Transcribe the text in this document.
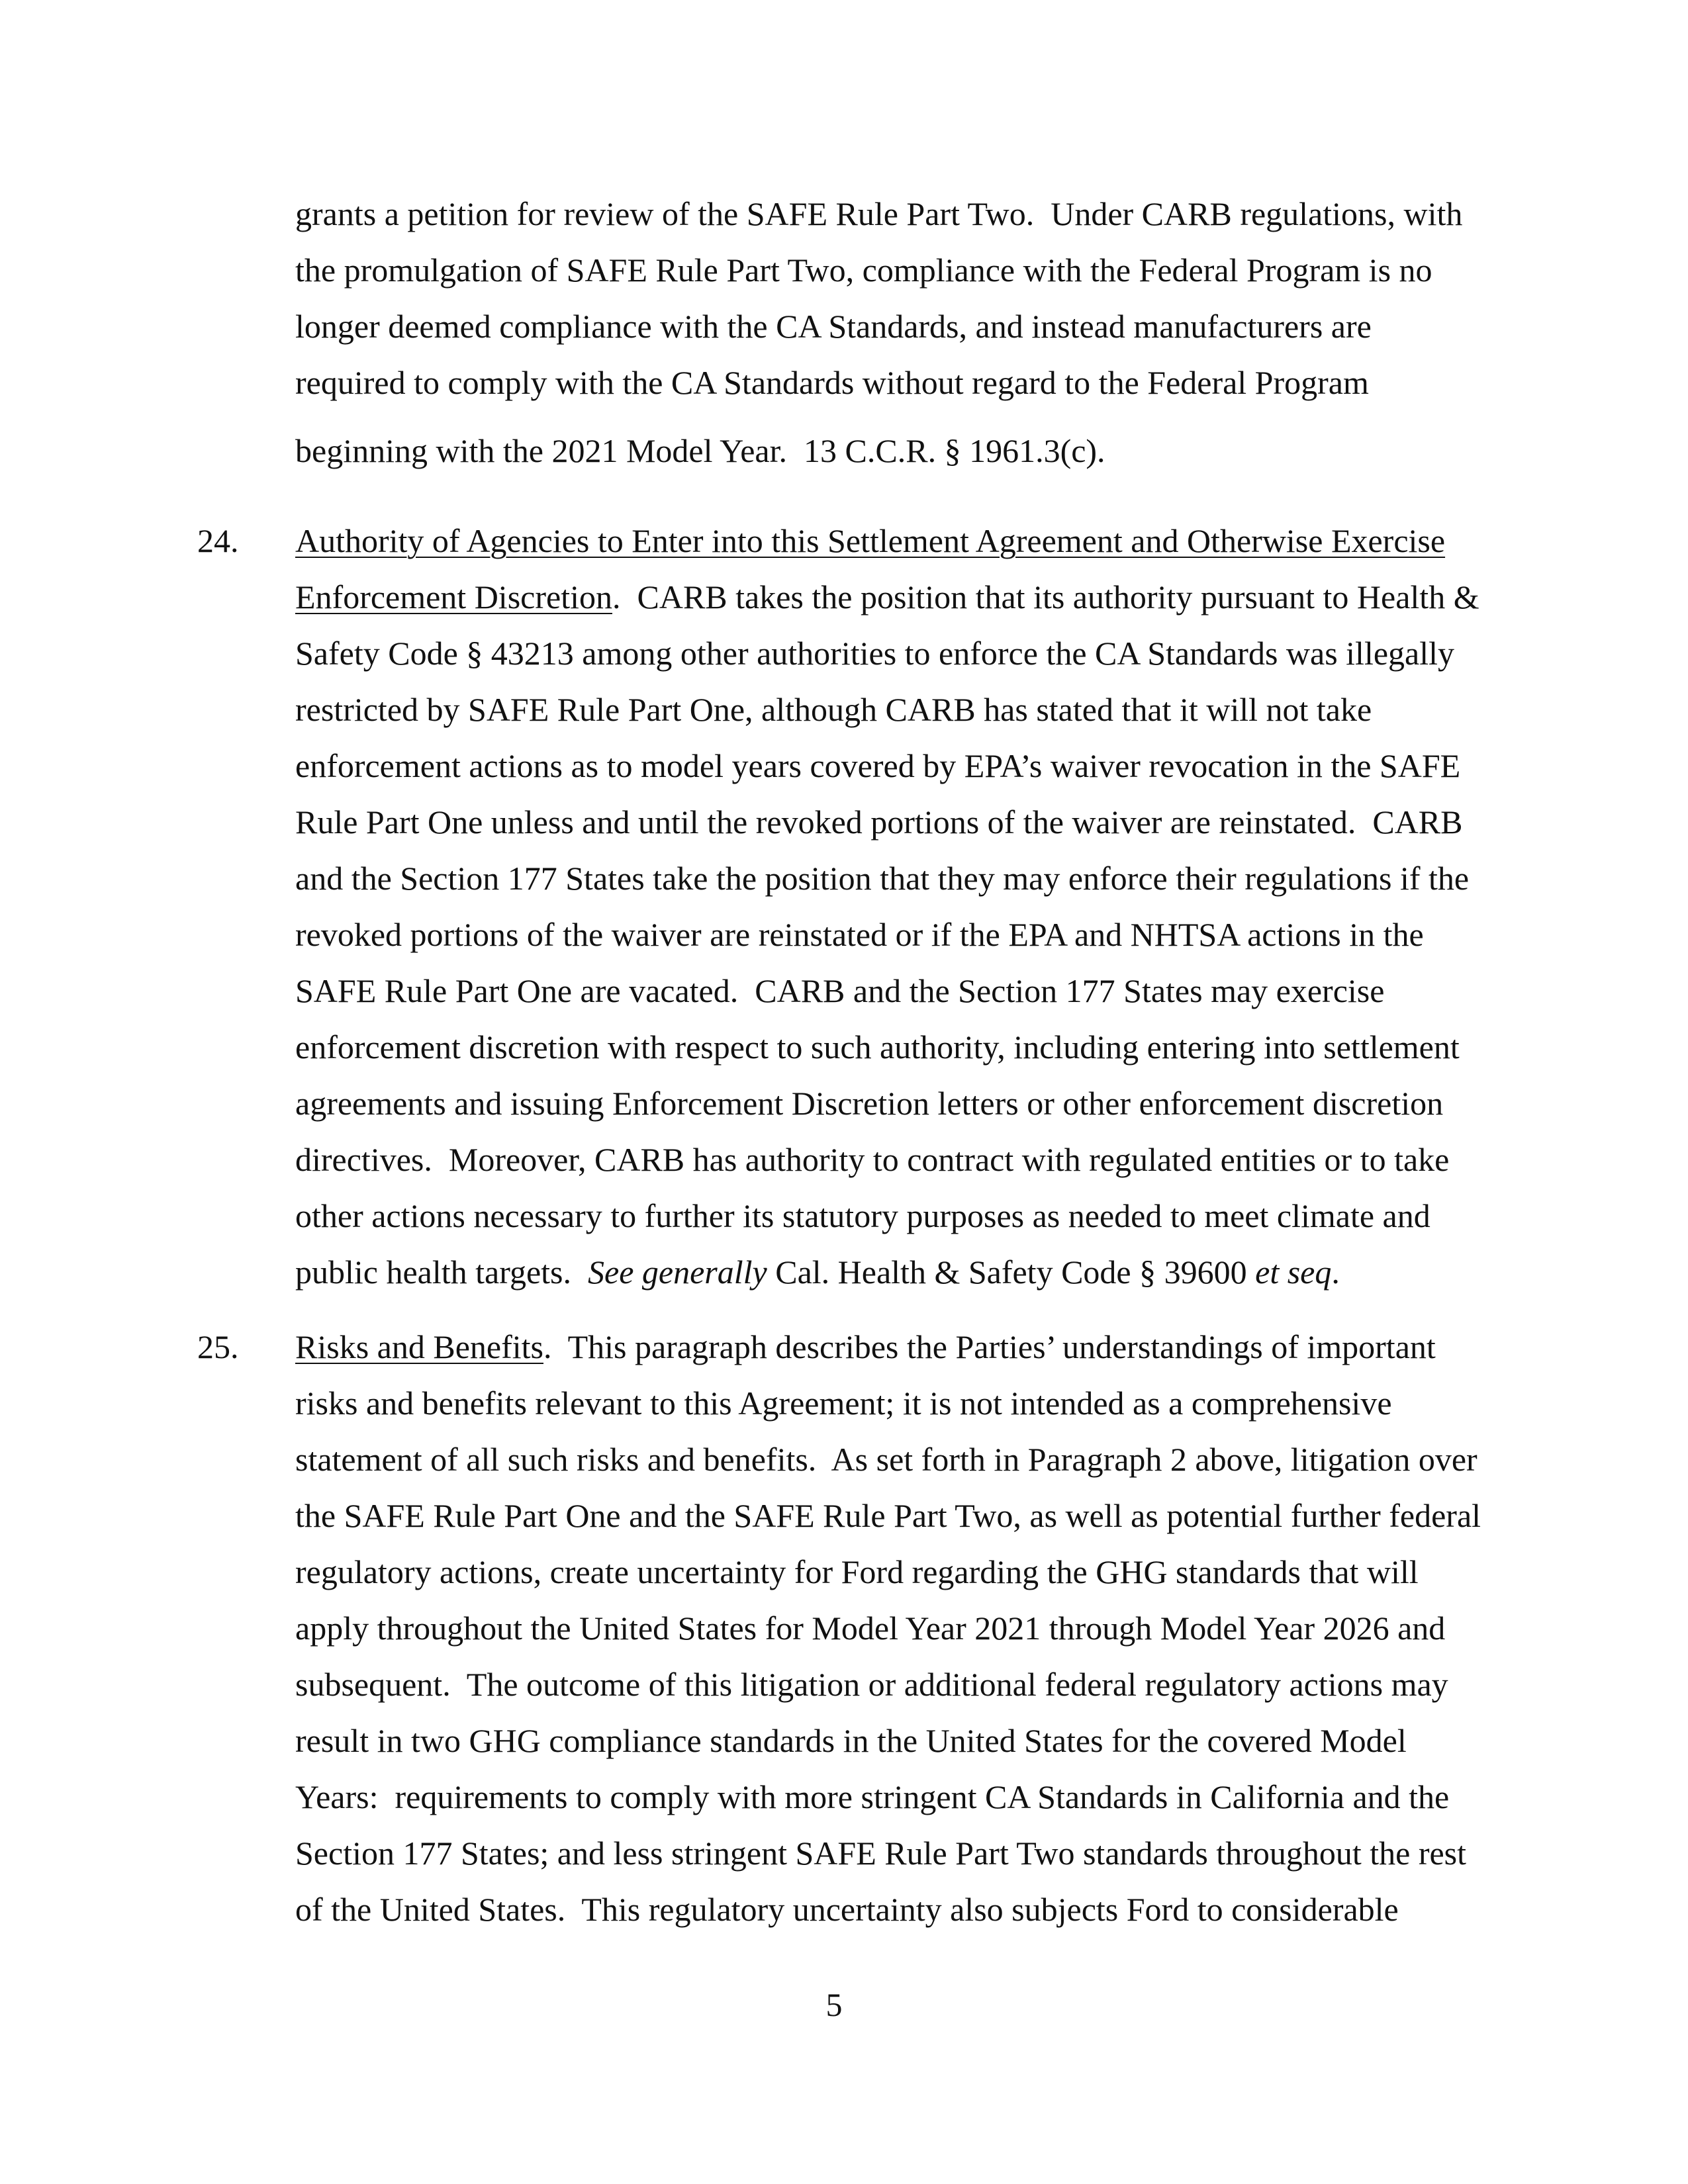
grants a petition for review of the SAFE Rule Part Two.  Under CARB regulations, with
the promulgation of SAFE Rule Part Two, compliance with the Federal Program is no
longer deemed compliance with the CA Standards, and instead manufacturers are
required to comply with the CA Standards without regard to the Federal Program
beginning with the 2021 Model Year.  13 C.C.R. § 1961.3(c).
24. Authority of Agencies to Enter into this Settlement Agreement and Otherwise Exercise
Enforcement Discretion.  CARB takes the position that its authority pursuant to Health &
Safety Code § 43213 among other authorities to enforce the CA Standards was illegally
restricted by SAFE Rule Part One, although CARB has stated that it will not take
enforcement actions as to model years covered by EPA’s waiver revocation in the SAFE
Rule Part One unless and until the revoked portions of the waiver are reinstated.  CARB
and the Section 177 States take the position that they may enforce their regulations if the
revoked portions of the waiver are reinstated or if the EPA and NHTSA actions in the
SAFE Rule Part One are vacated.  CARB and the Section 177 States may exercise
enforcement discretion with respect to such authority, including entering into settlement
agreements and issuing Enforcement Discretion letters or other enforcement discretion
directives.  Moreover, CARB has authority to contract with regulated entities or to take
other actions necessary to further its statutory purposes as needed to meet climate and
public health targets.  See generally Cal. Health & Safety Code § 39600 et seq.
25. Risks and Benefits.  This paragraph describes the Parties’ understandings of important
risks and benefits relevant to this Agreement; it is not intended as a comprehensive
statement of all such risks and benefits.  As set forth in Paragraph 2 above, litigation over
the SAFE Rule Part One and the SAFE Rule Part Two, as well as potential further federal
regulatory actions, create uncertainty for Ford regarding the GHG standards that will
apply throughout the United States for Model Year 2021 through Model Year 2026 and
subsequent.  The outcome of this litigation or additional federal regulatory actions may
result in two GHG compliance standards in the United States for the covered Model
Years:  requirements to comply with more stringent CA Standards in California and the
Section 177 States; and less stringent SAFE Rule Part Two standards throughout the rest
of the United States.  This regulatory uncertainty also subjects Ford to considerable
5
